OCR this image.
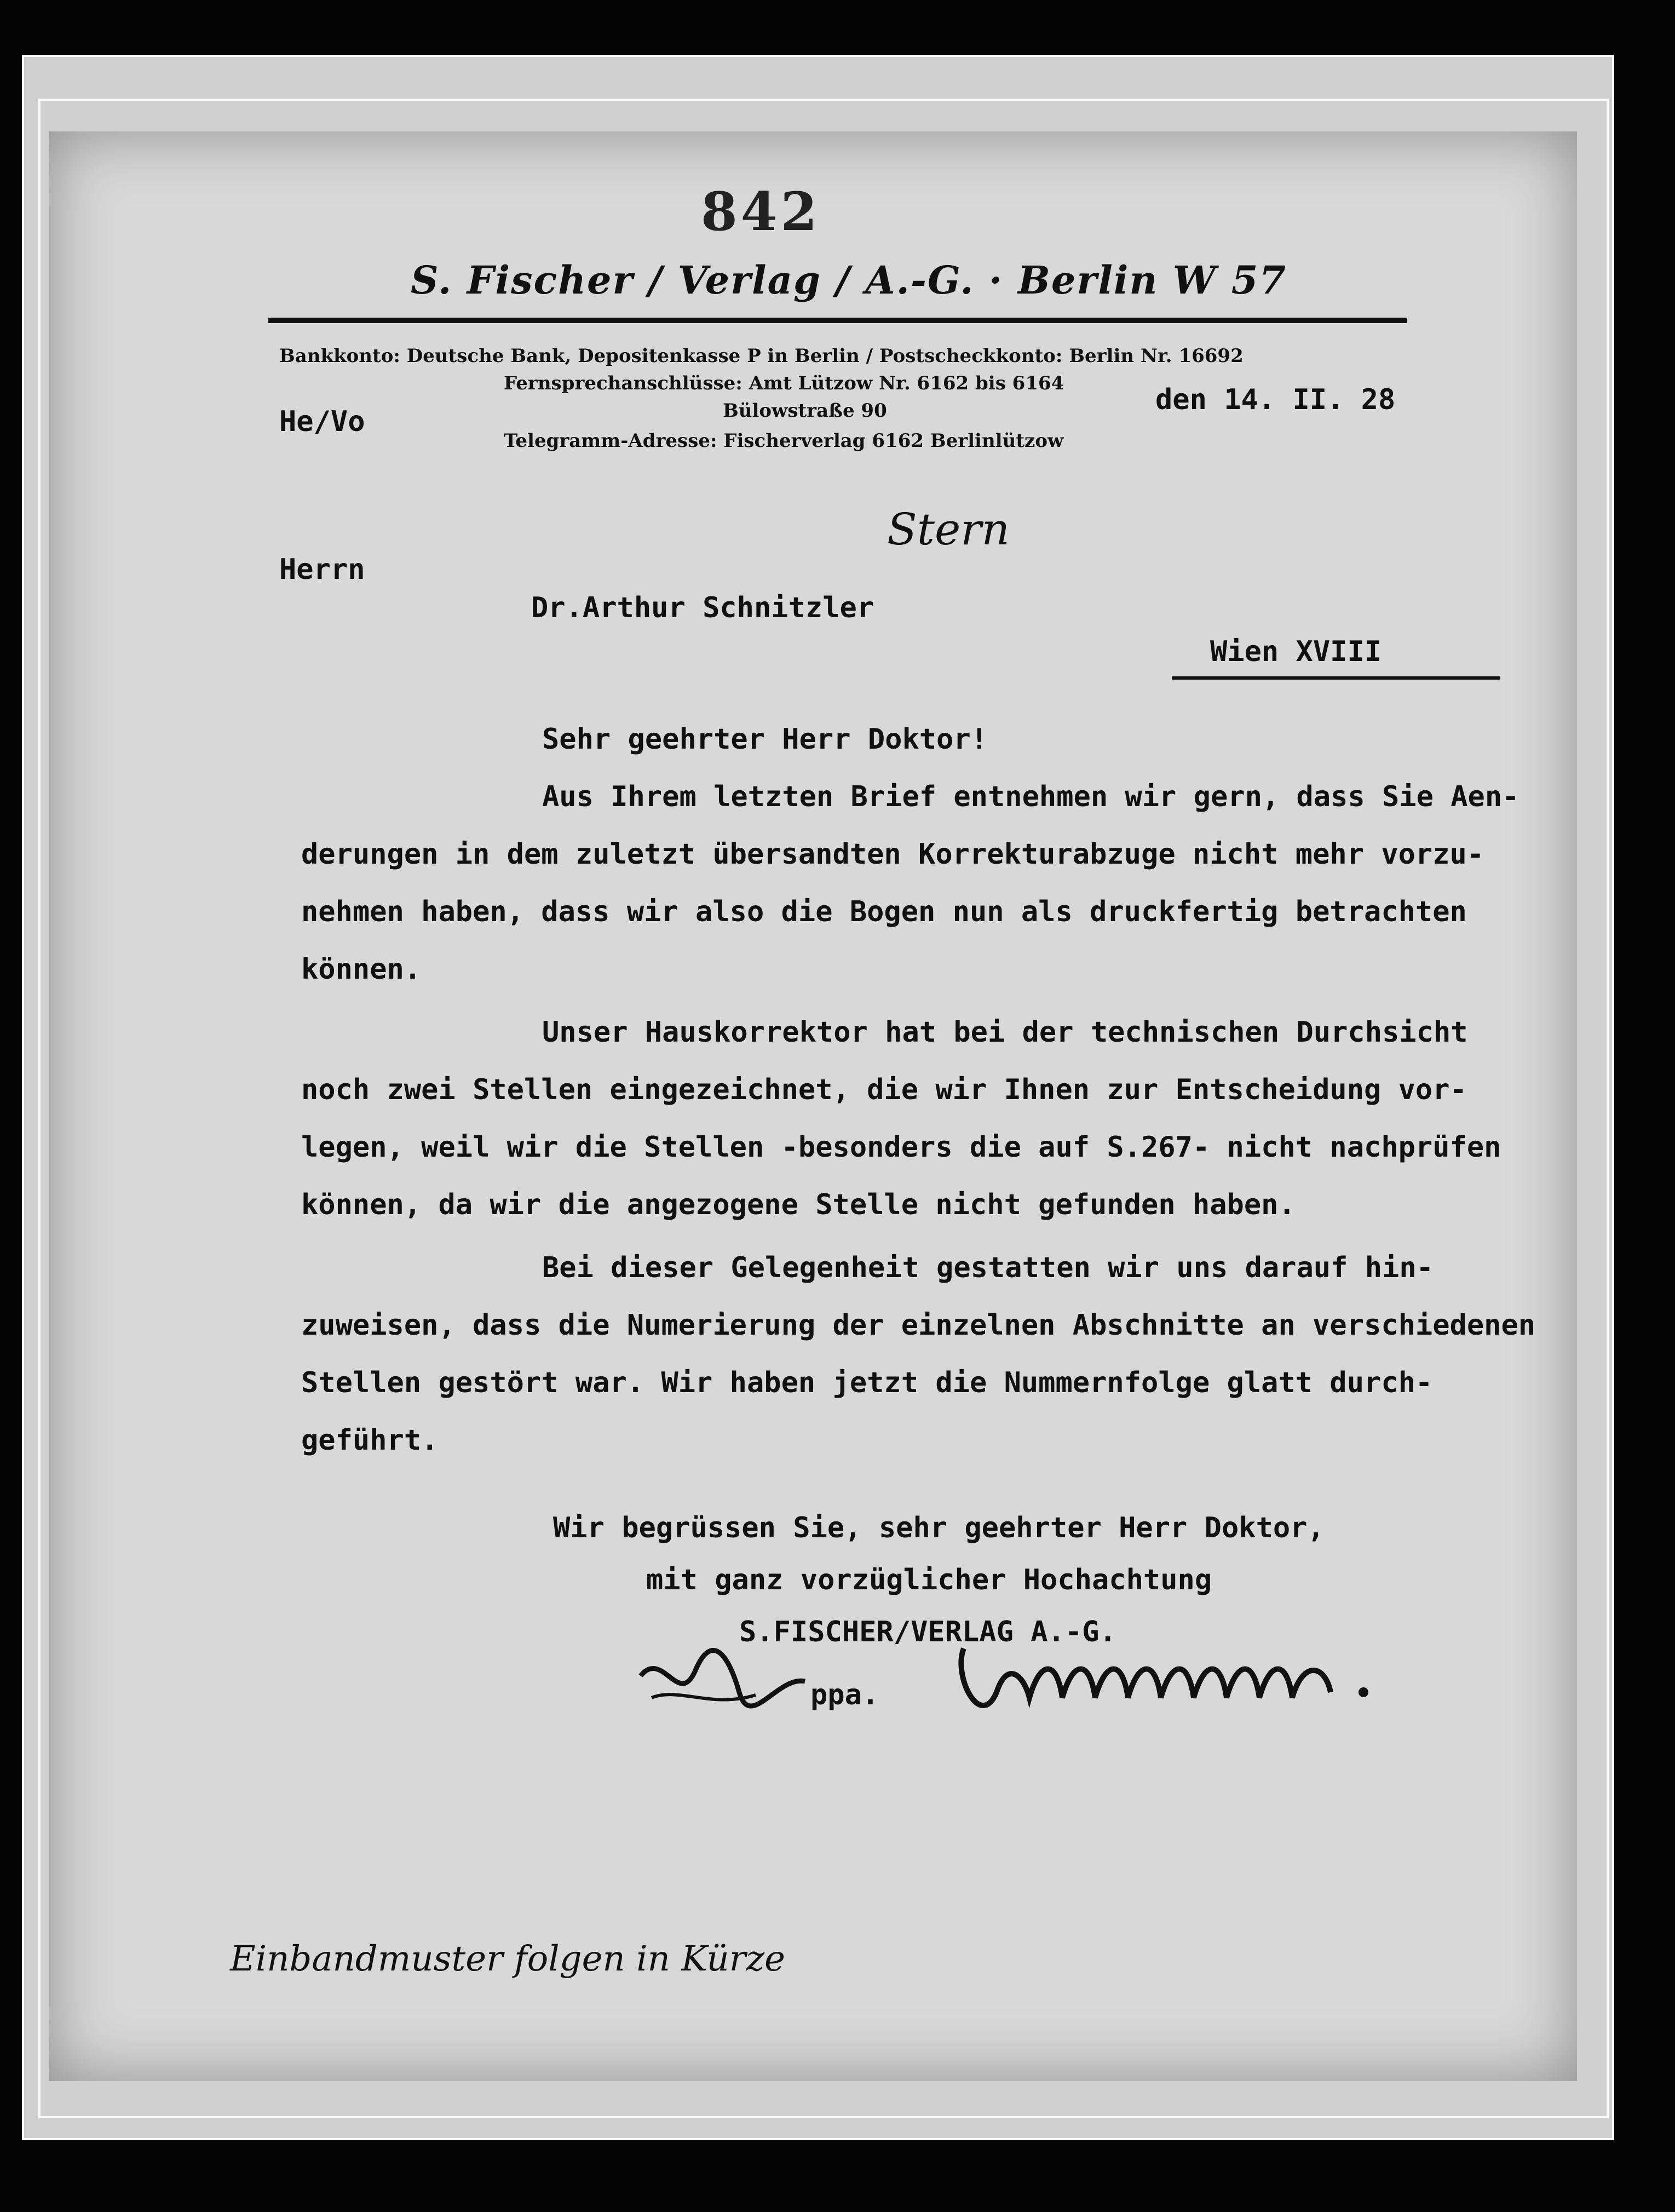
842
S. Fischer / Verlag / A.-G. · Berlin W 57
Bankkonto: Deutsche Bank, Depositenkasse P in Berlin / Postscheckkonto: Berlin Nr. 16692
Fernsprechanschlüsse: Amt Lützow Nr. 6162 bis 6164
Bülowstraße 90
Telegramm-Adresse: Fischerverlag 6162 Berlinlützow
He/Vo
den 14. II. 28
Stern
Herrn
Dr.Arthur Schnitzler
Wien XVIII
Sehr geehrter Herr Doktor!
Aus Ihrem letzten Brief entnehmen wir gern, dass Sie Aen-
derungen in dem zuletzt übersandten Korrekturabzuge nicht mehr vorzu-
nehmen haben, dass wir also die Bogen nun als druckfertig betrachten
können.
Unser Hauskorrektor hat bei der technischen Durchsicht
noch zwei Stellen eingezeichnet, die wir Ihnen zur Entscheidung vor-
legen, weil wir die Stellen -besonders die auf S.267- nicht nachprüfen
können, da wir die angezogene Stelle nicht gefunden haben.
Bei dieser Gelegenheit gestatten wir uns darauf hin-
zuweisen, dass die Numerierung der einzelnen Abschnitte an verschiedenen
Stellen gestört war. Wir haben jetzt die Nummernfolge glatt durch-
geführt.
Wir begrüssen Sie, sehr geehrter Herr Doktor,
mit ganz vorzüglicher Hochachtung
S.FISCHER/VERLAG A.-G.
ppa.
Einbandmuster folgen in Kürze
